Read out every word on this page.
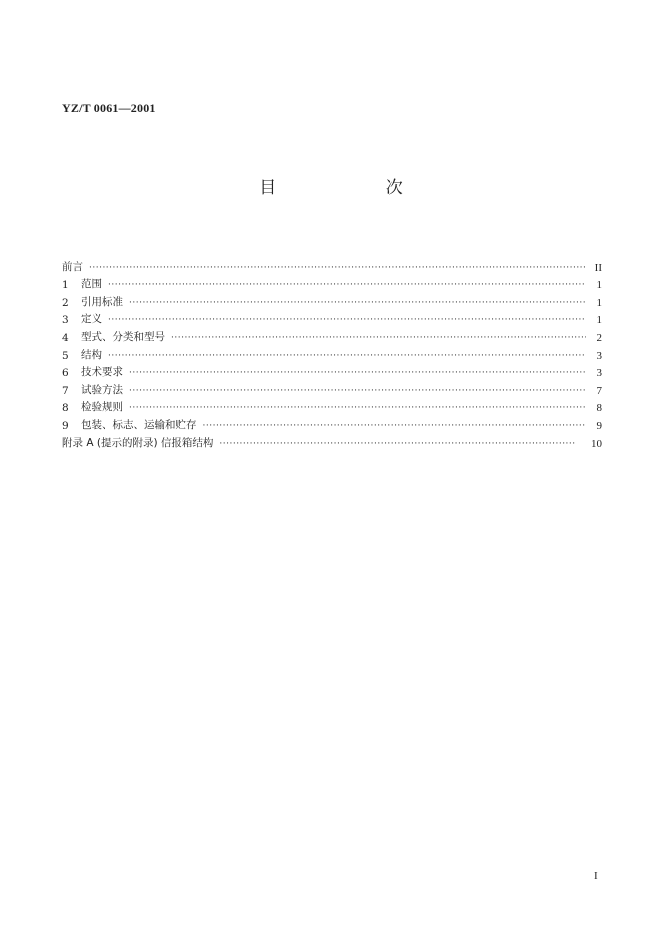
YZ/T 0061—2001
目 次
前言 ·····	II
1	范围 ·····	1
2	引用标准 ·····	1
3	定义 ·····	1
4	型式、分类和型号 ·····	2
5	结构 ·····	3
6	技术要求 ·····	3
7	试验方法 ·····	7
8	检验规则 ·····	8
9	包装、标志、运输和贮存 ·····	9
附录 A (提示的附录) 信报箱结构 ·····	10
I
